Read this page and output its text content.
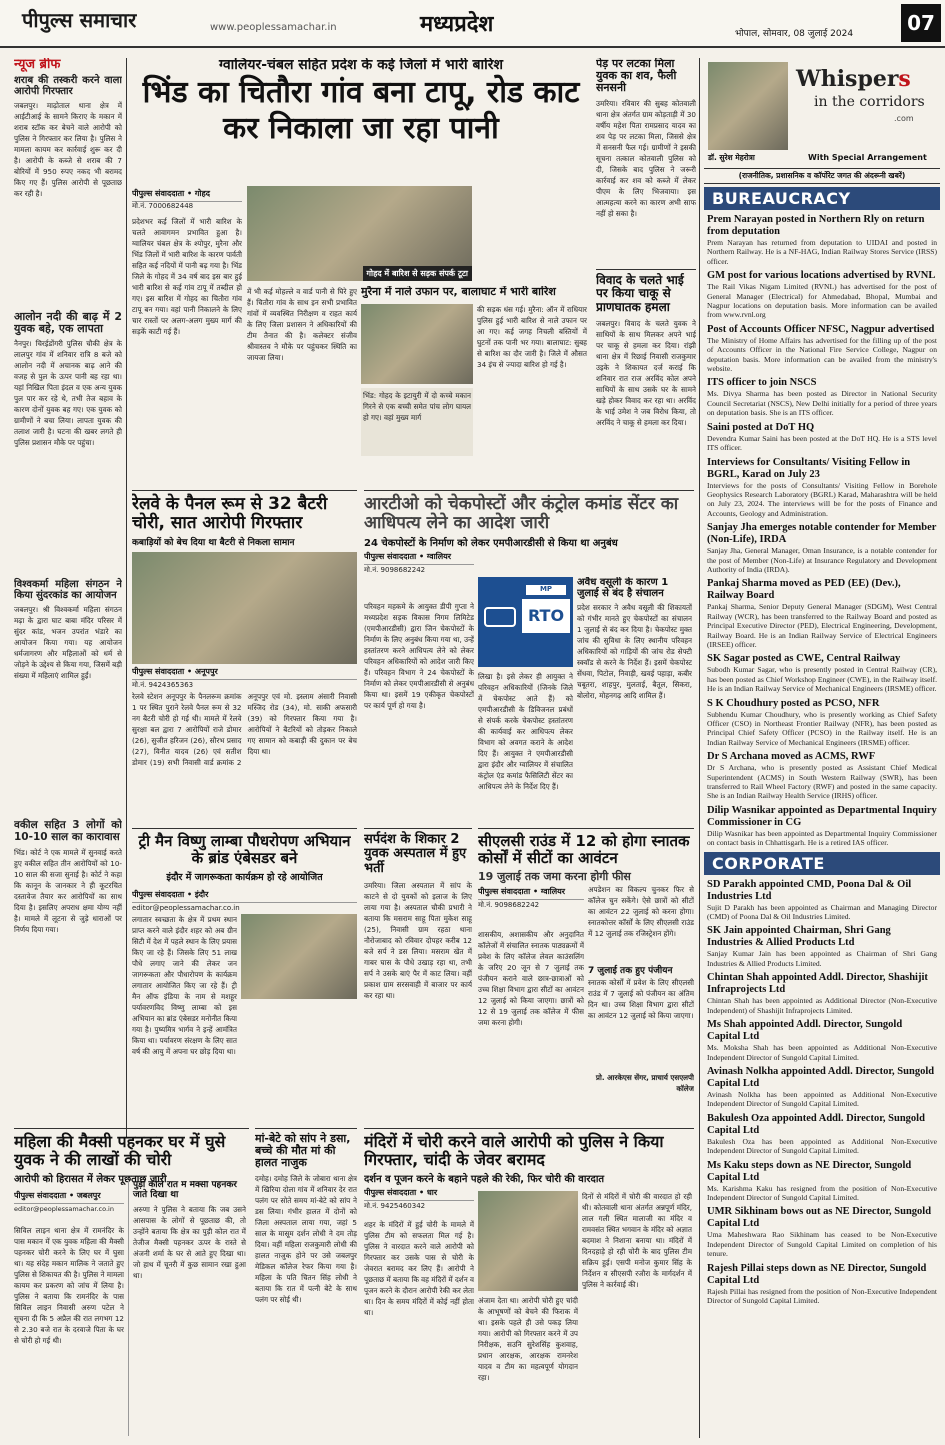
पीपुल्स समाचार	www.peoplessamachar.in	मध्यप्रदेश	भोपाल, सोमवार, 08 जुलाई 2024	07
न्यूज ब्रीफ
शराब की तस्करी करने वाला आरोपी गिरफ्तार
जबलपुर। माढ़ोताल थाना क्षेत्र में आईटीआई के सामने किराए के मकान में शराब स्टॉक कर बेचने वाले आरोपी को पुलिस ने गिरफ्तार कर लिया है। पुलिस ने मामला कायम कर कार्रवाई शुरू कर दी है। आरोपी के कब्जे से शराब की 7 बोरियों में 950 रुपए नकद भी बरामद किए गए हैं। पुलिस आरोपी से पूछताछ कर रही है।
आलोन नदी की बाढ़ में 2 युवक बहे, एक लापता
नैनपुर। चिरईडोंगरी पुलिस चौकी क्षेत्र के लालपुर गांव में शनिवार रात्रि 8 बजे को आलोन नदी में अचानक बाढ़ आने की वजह से पुल के ऊपर पानी बह रहा था। यहां निखिल पिता इंदल व एक अन्य युवक पुल पार कर रहे थे, तभी तेज बहाव के कारण दोनों युवक बह गए। एक युवक को ग्रामीणों ने बचा लिया। लापता युवक की तलाश जारी है। घटना की खबर लगते ही पुलिस प्रशासन मौके पर पहुंचा।
विश्वकर्मा महिला संगठन ने किया सुंदरकांड का आयोजन
जबलपुर। श्री विश्वकर्मा महिला संगठन मढ़ा के द्वारा घाट बाबा मंदिर परिसर में सुंदर कांड, भजन उपरांत भंडारे का आयोजन किया गया। यह आयोजन धर्मजागरण और महिलाओं को धर्म से जोड़ने के उद्देश्य से किया गया, जिसमें बड़ी संख्या में महिलाएं शामिल हुईं।
वकील सहित 3 लोगों को 10-10 साल का कारावास
भिंड। कोर्ट ने एक मामले में सुनवाई करते हुए वकील सहित तीन आरोपियों को 10-10 साल की सजा सुनाई है। कोर्ट ने कहा कि कानून के जानकार ने ही कूटरचित दस्तावेज तैयार कर आरोपियों का साथ दिया है। इसलिए अपराध क्षमा योग्य नहीं है। मामले में लूटना से जुड़े धाराओं पर निर्णय दिया गया।
ग्वालियर-चंबल सहित प्रदेश के कई जिलों में भारी बारिश
भिंड का चितौरा गांव बना टापू, रोड काट कर निकाला जा रहा पानी
पीपुल्स संवाददाता • गोहद
मो.नं. 7000682448
प्रदेशभर कई जिलों में भारी बारिश के चलते आवागमन प्रभावित हुआ है। ग्वालियर चंबल क्षेत्र के श्योपुर, मुरैना और भिंड जिलों में भारी बारिश के कारण पार्वती सहित कई नदियों में पानी बढ़ गया है। भिंड जिले के गोहद में 34 वर्ष बाद इस बार हुई भारी बारिश से कई गांव टापू में तब्दील हो गए। इस बारिश में गोहद का चितौरा गांव टापू बन गया। वहां पानी निकालने के लिए चार रास्तों पर अलग-अलग मुख्य मार्ग की सड़कें काटी गई हैं।
गोहद में बारिश से सड़क संपर्क टूटा
में भी कई मोहल्ले व वार्ड पानी से घिरे हुए हैं। चितौरा गांव के साथ इन सभी प्रभावित गांवों में व्यवस्थित निरीक्षण व राहत कार्य के लिए जिला प्रशासन ने अधिकारियों की टीम तैनात की है। कलेक्टर संजीव श्रीवास्तव ने मौके पर पहुंचकर स्थिति का जायजा लिया।
मुरैना में नाले उफान पर, बालाघाट में भारी बारिश
भिंड: गोहद के इटायुरी में दो कच्चे मकान गिरने से एक बच्ची समेत पांच लोग घायल हो गए। वहां मुख्य मार्ग
की सड़क धंस गई। मुरैना: ऑन में राधियार पुलिस हुई भारी बारिश से नाले उफान पर आ गए। कई जगह निचली बस्तियों में घुटनों तक पानी भर गया। बालाघाट: सुबह से बारिश का दौर जारी है। जिले में औसत 34 इंच से ज्यादा बारिश हो गई है।
रेलवे के पैनल रूम से 32 बैटरी चोरी, सात आरोपी गिरफ्तार
कबाड़ियों को बेच दिया था बैटरी से निकला सामान
पीपुल्स संवाददाता • अनूपपुर
मो.नं. 9424365363
रेलवे स्टेशन अनूपपुर के पैनलरूम क्रमांक 1 पर स्थित पुराने रेलवे पैनल रूम से 32 नग बैटरी चोरी हो गई थी। मामले में रेलवे सुरक्षा बल द्वारा 7 आरोपियों राजे डोमार (26), सुजीत हरिजन (26), सौरभ प्रसाद (27), विनीत यादव (26) एवं सतीश डोमार (19) सभी निवासी वार्ड क्रमांक 2 अनूपपुर एवं मो. इस्लाम अंसारी निवासी मस्जिद रोड (34), मो. साकी अफसारी (39) को गिरफ्तार किया गया है। आरोपियों ने बैटरियों को तोड़कर निकाले गए सामान को कबाड़ी की दुकान पर बेच दिया था।
ट्री मैन विष्णु लाम्बा पौधरोपण अभियान के ब्रांड एंबेसडर बने
इंदौर में जागरूकता कार्यक्रम हो रहे आयोजित
पीपुल्स संवाददाता • इंदौर
editor@peoplessamachar.co.in
लगातार स्वच्छता के क्षेत्र में प्रथम स्थान प्राप्त करने वाले इंदौर शहर को अब ग्रीन सिटी में देश में पहले स्थान के लिए प्रयास किए जा रहे हैं। जिसके लिए 51 लाख पौधे लगाए जाने की लेकर जन जागरूकता और पौधारोपण के कार्यक्रम लगातार आयोजित किए जा रहे हैं। ट्री मैन ऑफ इंडिया के नाम से मशहूर पर्यावरणविद विष्णु लाम्बा को इस अभियान का ब्रांड एंबेसडर मनोनीत किया गया है। पुष्यमित्र भार्गव ने इन्हें आमंत्रित किया था। पर्यावरण संरक्षण के लिए सात वर्ष की आयु में अपना घर छोड़ दिया था।
महिला की मैक्सी पहनकर घर में घुसे युवक ने की लाखों की चोरी
आरोपी को हिरासत में लेकर पूछताछ जारी
पीपुल्स संवाददाता • जबलपुर
editor@peoplessamachar.co.in
सिविल लाइन थाना क्षेत्र में रामनंदिर के पास मकान में एक युवक महिला की मैक्सी पहनकर चोरी करने के लिए घर में घुसा था। यह संदेह मकान मालिक ने जताते हुए पुलिस से शिकायत की है। पुलिस ने मामला कायम कर प्रकरण को जांच में लिया है। पुलिस ने बताया कि रामनंदिर के पास सिविल लाइन निवासी अरुण पटेल ने सूचना दी कि 5 अप्रैल की रात लगभग 12 से 2.30 बजे रात के दरवाजे पिता के घर से चोरी हो गई थी।
पुड़ी कोल रात में मैक्सी पहनकर जाते दिखा था
अरुणा ने पुलिस ने बताया कि जब उसने आसपास के लोगों से पूछताछ की, तो उन्होंने बताया कि क्षेत्र का पुड़ी कोल रात में तेजीज मैक्सी पहनकर ऊपर के रास्ते से अंजनी शर्मा के घर से आते हुए दिखा था। जो हाथ में चूनरी में कुछ सामान रखा हुआ था।
मां-बेटे को सांप ने डसा, बच्चे की मौत मां की हालत नाजुक
दमोह। दमोह जिले के जोबारा थाना क्षेत्र में खिरिया दोला गांव में शनिवार देर रात पलंग पर सोते समय मां-बेटे को सांप ने डस लिया। गंभीर हालत में दोनों को जिला अस्पताल लाया गया, जहां 5 साल के मासूम दर्शन लोधी ने दम तोड़ दिया। वहीं महिला राजकुमारी लोधी की हालत नाजुक होने पर उसे जबलपुर मेडिकल कॉलेज रेफर किया गया है। महिला के पति चितन सिंह लोधी ने बताया कि रात में पत्नी बेटे के साथ पलंग पर सोई थी।
आरटीओ को चेकपोस्टों और कंट्रोल कमांड सेंटर का आधिपत्य लेने का आदेश जारी
24 चेकपोस्टों के निर्माण को लेकर एमपीआरडीसी से किया था अनुबंध
पीपुल्स संवाददाता • ग्वालियर
मो.नं. 9098682242
परिवहन महकमे के आयुक्त डीपी गुप्ता ने मध्यप्रदेश सड़क विकास निगम लिमिटेड (एमपीआरडीसी) द्वारा जिन चेकपोस्टों के निर्माण के लिए अनुबंध किया गया था, उन्हें हस्तांतरण करने आधिपत्य लेने को लेकर परिवहन अधिकारियों को आदेश जारी किए हैं। परिवहन विभाग ने 24 चेकपोस्टों के निर्माण को लेकर एमपीआरडीसी से अनुबंध किया था। इसमें 19 एकीकृत चेकपोस्टों पर कार्य पूर्ण हो गया है।
MP
RTO
लिखा है। इसे लेकर ही आयुक्त ने परिवहन अधिकारियों (जिनके जिले में चेकपोस्ट आते हैं) को एमपीआरडीसी के डिविजनल प्रबंधों से संपर्क करके चेकपोस्ट हस्तांतरण की कार्यवाई कर आधिपत्य लेकर विभाग को अवगत कराने के आदेश दिए हैं। आयुक्त ने एमपीआरडीसी द्वारा इंदौर और ग्वालियर में संचालित कंट्रोल एंड कमांड फैसिलिटी सेंटर का आधिपत्य लेने के निर्देश दिए हैं।
अवैध वसूली के कारण 1 जुलाई से बंद है संचालन
प्रदेश सरकार ने अवैध वसूली की शिकायतों को गंभीर मानते हुए चेकपोस्टों का संचालन 1 जुलाई से बंद कर दिया है। चेकपोस्ट मुक्त जांच की सुविधा के लिए स्थानीय परिवहन अधिकारियों को गाड़ियों की जांच रोड सेफ्टी स्क्वॉड से करने के निर्देश हैं। इसमें चेकपोस्ट सेंधवा, पिटोल, निवाड़ी, खवई पहाड़ा, कबीर चबूतरा, शाहपुर, मुलताई, बैतूल, सिकरा, बोलोरा, मोहनगढ़ आदि शामिल हैं।
सर्पदंश के शिकार 2 युवक अस्पताल में हुए भर्ती
उमरिया। जिला अस्पताल में सांप के काटने से दो युवकों को इलाज के लिए लाया गया है। अस्पताल चौकी प्रभारी ने बताया कि मसराम साहू पिता मुकेश साहू (25), निवासी ग्राम रहठा थाना नौरोजाबाद को रविवार दोपहर करीब 12 बजे सर्प ने डस लिया। मसराम खेत में गाबर घास के पौधे उखाड़ रहा था, तभी सर्प ने उसके बाएं पैर में काट लिया। वहीं प्रकाश ग्राम सरसवाही में बाजार पर कार्य कर रहा था।
सीएलसी राउंड में 12 को होगा स्नातक कोर्सों में सीटों का आवंटन
19 जुलाई तक जमा करना होगी फीस
पीपुल्स संवाददाता • ग्वालियर
मो.नं. 9098682242
शासकीय, अशासकीय और अनुदानित कॉलेजों में संचालित स्नातक पाठ्यक्रमों में प्रवेश के लिए कॉलेज लेवल काउंसलिंग के जरिए 20 जून से 7 जुलाई तक पंजीयन कराने वाले छात्र-छात्राओं को उच्च शिक्षा विभाग द्वारा सीटों का आवंटन 12 जुलाई को किया जाएगा। छात्रों को 12 से 19 जुलाई तक कॉलेज में फीस जमा करना होगी।
अपडेशन का विकल्प चुनकर फिर से कॉलेज चुन सकेंगे। ऐसे छात्रों को सीटों का आवंटन 22 जुलाई को करना होगा। स्नातकोत्तर कॉर्सों के लिए सीएलसी राउंड में 12 जुलाई तक रजिस्ट्रेशन होंगे।
7 जुलाई तक हुए पंजीयन
स्नातक कोर्सों में प्रवेश के लिए सीएलसी राउंड में 7 जुलाई को पंजीयन का अंतिम दिन था। उच्च शिक्षा विभाग द्वारा सीटों का आवंटन 12 जुलाई को किया जाएगा।
प्रो. आरकेएस सेंगर, प्राचार्य एसएलपी कॉलेज
मंदिरों में चोरी करने वाले आरोपी को पुलिस ने किया गिरफ्तार, चांदी के जेवर बरामद
दर्शन व पूजन करने के बहाने पहले की रेकी, फिर चोरी की वारदात
पीपुल्स संवाददाता • धार
मो.नं. 9425460342
शहर के मंदिरों में हुई चोरी के मामले में पुलिस टीम को सफलता मिल गई है। पुलिस ने वारदात करने वाले आरोपी को गिरफ्तार कर उसके पास से चोरी के जेवरात बरामद कर लिए हैं। आरोपी ने पूछताछ में बताया कि वह मंदिरों में दर्शन व पूजन करने के दौरान आरोपी रेकी कर लेता था। दिन के समय मंदिरों में कोई नहीं होता था।
अंजाम देता था। आरोपी चोरी हुए चांदी के आभूषणों को बेचने की फिराक में था। इसके पहले ही उसे पकड़ लिया गया। आरोपी को गिरफ्तार करने में उप निरीक्षक, सउनि सुरेशसिंह कुशवाह, प्रधान आरक्षक, आरक्षक रामनरेश यादव व टीम का महत्वपूर्ण योगदान रहा।
दिनों से मंदिरों में चोरी की वारदात हो रही थी। कोतवाली थाना अंतर्गत अन्नपूर्ण मंदिर, लाल गली स्थित मालाजी का मंदिर व रामवसंत स्थित भगवान के मंदिर को अज्ञात बदमाश ने निशाना बनाया था। मंदिरों में दिनदहाड़े हो रही चोरी के बाद पुलिस टीम सक्रिय हुई। एसपी मनोज कुमार सिंह के निर्देशन व सीएसपी रजौरा के मार्गदर्शन में पुलिस ने कार्रवाई की।
पेड़ पर लटका मिला युवक का शव, फैली सनसनी
उमरिया। रविवार की सुबह कोतवाली थाना क्षेत्र अंतर्गत ग्राम कोड़ताड़ी में 30 वर्षीय महेश पिता रामप्रसाद यादव का शव पेड़ पर लटका मिला, जिससे क्षेत्र में सनसनी फैल गई। ग्रामीणों ने इसकी सूचना तत्काल कोतवाली पुलिस को दी, जिसके बाद पुलिस ने जरूरी कार्रवाई कर शव को कब्जे में लेकर पीएम के लिए भिजवाया। इस आत्महत्या करने का कारण अभी साफ नहीं हो सका है।
विवाद के चलते भाई पर किया चाकू से प्राणघातक हमला
जबलपुर। विवाद के चलते युवक ने साथियों के साथ मिलकर अपने भाई पर चाकू से हमला कर दिया। रांझी थाना क्षेत्र में रिछाई निवासी राजकुमार उइके ने शिकायत दर्ज कराई कि शनिवार रात राज अरविंद कोल अपने साथियों के साथ उसके घर के सामने खड़े होकर विवाद कर रहा था। अरविंद के भाई उमेश ने जब विरोध किया, तो अरविंद ने चाकू से हमला कर दिया।
Whispers
in the corridors
.com
डॉ. सुरेश मेहरोत्रा	With Special Arrangement
(राजनीतिक, प्रशासनिक व कॉर्पोरेट जगत की अंदरूनी खबरें)
BUREAUCRACY
Prem Narayan posted in Northern Rly on return from deputation

Prem Narayan has returned from deputation to UIDAI and posted in Northern Railway. He is a NF-HAG, Indian Railway Stores Service (IRSS) officer.

GM post for various locations advertised by RVNL

The Rail Vikas Nigam Limited (RVNL) has advertised for the post of General Manager (Electrical) for Ahmedabad, Bhopal, Mumbai and Nagpur locations on deputation basis. More information can be availed from www.rvnl.org

Post of Accounts Officer NFSC, Nagpur advertised

The Ministry of Home Affairs has advertised for the filling up of the post of Accounts Officer in the National Fire Service College, Nagpur on deputation basis. More information can be availed from the ministry's website.

ITS officer to join NSCS

Ms. Divya Sharma has been posted as Director in National Security Council Secretariat (NSCS), New Delhi initially for a period of three years on deputation basis. She is an ITS officer.

Saini posted at DoT HQ

Devendra Kumar Saini has been posted at the DoT HQ. He is a STS level ITS officer.

Interviews for Consultants/ Visiting Fellow in BGRL, Karad on July 23

Interviews for the posts of Consultants/ Visiting Fellow in Borehole Geophysics Research Laboratory (BGRL) Karad, Maharashtra will be held on July 23, 2024. The interviews will be for the posts of Finance and Accounts, Geology and Administration.

Sanjay Jha emerges notable contender for Member (Non-Life), IRDA

Sanjay Jha, General Manager, Oman Insurance, is a notable contender for the post of Member (Non-Life) at Insurance Regulatory and Development Authority of India (IRDA).

Pankaj Sharma moved as PED (EE) (Dev.), Railway Board

Pankaj Sharma, Senior Deputy General Manager (SDGM), West Central Railway (WCR), has been transferred to the Railway Board and posted as Principal Executive Director (PED), Electrical Engineering, Development, Railway Board. He is an Indian Railway Service of Electrical Engineers (IRSEE) officer.

SK Sagar posted as CWE, Central Railway

Subodh Kumar Sagar, who is presently posted in Central Railway (CR), has been posted as Chief Workshop Engineer (CWE), in the Railway itself. He is an Indian Railway Service of Mechanical Engineers (IRSME) officer.

S K Choudhury posted as PCSO, NFR

Subhendu Kumar Choudhury, who is presently working as Chief Safety Officer (CSO) in Northeast Frontier Railway (NFR), has been posted as Principal Chief Safety Officer (PCSO) in the Railway itself. He is an Indian Railway Service of Mechanical Engineers (IRSME) officer.

Dr S Archana moved as ACMS, RWF

Dr S Archana, who is presently posted as Assistant Chief Medical Superintendent (ACMS) in South Western Railway (SWR), has been transferred to Rail Wheel Factory (RWF) and posted in the same capacity. She is an Indian Railway Health Service (IRHS) officer.

Dilip Wasnikar appointed as Departmental Inquiry Commissioner in CG

Dilip Wasnikar has been appointed as Departmental Inquiry Commissioner on contact basis in Chhattisgarh. He is a retired IAS officer.

CORPORATE
SD Parakh appointed CMD, Poona Dal & Oil Industries Ltd

Sujit D Parakh has been appointed as Chairman and Managing Director (CMD) of Poona Dal & Oil Industries Limited.

SK Jain appointed Chairman, Shri Gang Industries & Allied Products Ltd

Sanjay Kumar Jain has been appointed as Chairman of Shri Gang Industries & Allied Products Limited.

Chintan Shah appointed Addl. Director, Shashijit Infraprojects Ltd

Chintan Shah has been appointed as Additional Director (Non-Executive Independent) of Shashijit Infraprojects Limited.

Ms Shah appointed Addl. Director, Sungold Capital Ltd

Ms. Moksha Shah has been appointed as Additional Non-Executive Independent Director of Sungold Capital Limited.

Avinash Nolkha appointed Addl. Director, Sungold Capital Ltd

Avinash Nolkha has been appointed as Additional Non-Executive Independent Director of Sungold Capital Limited.

Bakulesh Oza appointed Addl. Director, Sungold Capital Ltd

Bakulesh Oza has been appointed as Additional Non-Executive Independent Director of Sungold Capital Limited.

Ms Kaku steps down as NE Director, Sungold Capital Ltd

Ms. Karishma Kaku has resigned from the position of Non-Executive Independent Director of Sungold Capital Limited.

UMR Sikhinam bows out as NE Director, Sungold Capital Ltd

Uma Maheshwara Rao Sikhinam has ceased to be Non-Executive Independent Director of Sungold Capital Limited on completion of his tenure.

Rajesh Pillai steps down as NE Director, Sungold Capital Ltd

Rajesh Pillai has resigned from the position of Non-Executive Independent Director of Sungold Capital Limited.
